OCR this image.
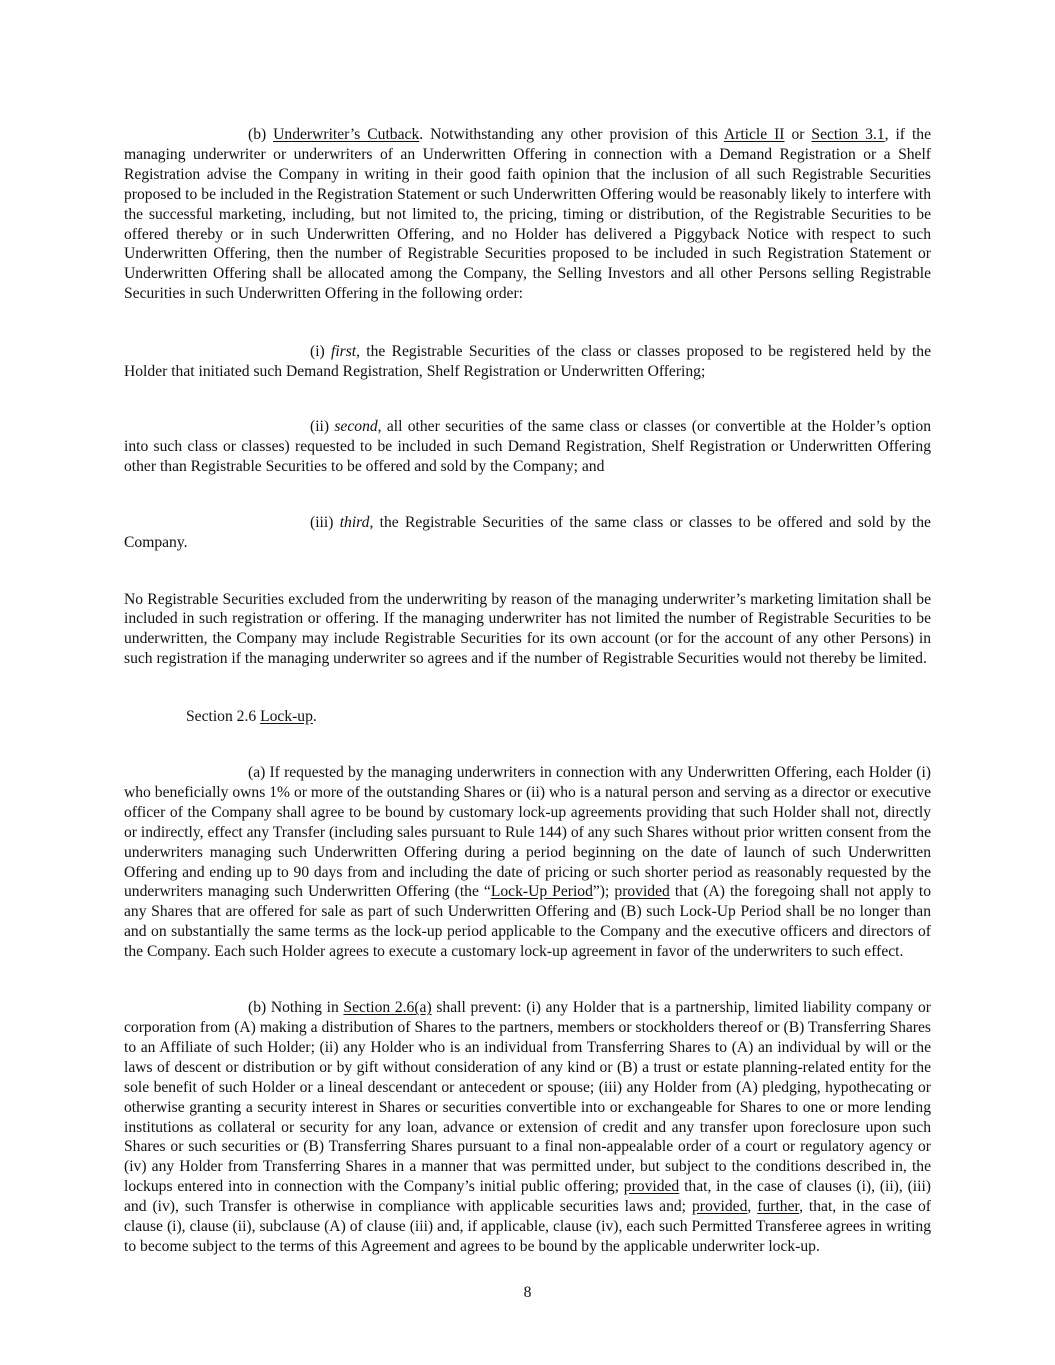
(b) Underwriter’s Cutback. Notwithstanding any other provision of this Article II or Section 3.1, if the managing underwriter or underwriters of an Underwritten Offering in connection with a Demand Registration or a Shelf Registration advise the Company in writing in their good faith opinion that the inclusion of all such Registrable Securities proposed to be included in the Registration Statement or such Underwritten Offering would be reasonably likely to interfere with the successful marketing, including, but not limited to, the pricing, timing or distribution, of the Registrable Securities to be offered thereby or in such Underwritten Offering, and no Holder has delivered a Piggyback Notice with respect to such Underwritten Offering, then the number of Registrable Securities proposed to be included in such Registration Statement or Underwritten Offering shall be allocated among the Company, the Selling Investors and all other Persons selling Registrable Securities in such Underwritten Offering in the following order:

(i) first, the Registrable Securities of the class or classes proposed to be registered held by the Holder that initiated such Demand Registration, Shelf Registration or Underwritten Offering;

(ii) second, all other securities of the same class or classes (or convertible at the Holder’s option into such class or classes) requested to be included in such Demand Registration, Shelf Registration or Underwritten Offering other than Registrable Securities to be offered and sold by the Company; and

(iii) third, the Registrable Securities of the same class or classes to be offered and sold by the Company.

No Registrable Securities excluded from the underwriting by reason of the managing underwriter’s marketing limitation shall be included in such registration or offering. If the managing underwriter has not limited the number of Registrable Securities to be underwritten, the Company may include Registrable Securities for its own account (or for the account of any other Persons) in such registration if the managing underwriter so agrees and if the number of Registrable Securities would not thereby be limited.

Section 2.6 Lock-up.

(a) If requested by the managing underwriters in connection with any Underwritten Offering, each Holder (i) who beneficially owns 1% or more of the outstanding Shares or (ii) who is a natural person and serving as a director or executive officer of the Company shall agree to be bound by customary lock-up agreements providing that such Holder shall not, directly or indirectly, effect any Transfer (including sales pursuant to Rule 144) of any such Shares without prior written consent from the underwriters managing such Underwritten Offering during a period beginning on the date of launch of such Underwritten Offering and ending up to 90 days from and including the date of pricing or such shorter period as reasonably requested by the underwriters managing such Underwritten Offering (the “Lock-Up Period”); provided that (A) the foregoing shall not apply to any Shares that are offered for sale as part of such Underwritten Offering and (B) such Lock-Up Period shall be no longer than and on substantially the same terms as the lock-up period applicable to the Company and the executive officers and directors of the Company. Each such Holder agrees to execute a customary lock-up agreement in favor of the underwriters to such effect.

(b) Nothing in Section 2.6(a) shall prevent: (i) any Holder that is a partnership, limited liability company or corporation from (A) making a distribution of Shares to the partners, members or stockholders thereof or (B) Transferring Shares to an Affiliate of such Holder; (ii) any Holder who is an individual from Transferring Shares to (A) an individual by will or the laws of descent or distribution or by gift without consideration of any kind or (B) a trust or estate planning-related entity for the sole benefit of such Holder or a lineal descendant or antecedent or spouse; (iii) any Holder from (A) pledging, hypothecating or otherwise granting a security interest in Shares or securities convertible into or exchangeable for Shares to one or more lending institutions as collateral or security for any loan, advance or extension of credit and any transfer upon foreclosure upon such Shares or such securities or (B) Transferring Shares pursuant to a final non-appealable order of a court or regulatory agency or (iv) any Holder from Transferring Shares in a manner that was permitted under, but subject to the conditions described in, the lockups entered into in connection with the Company’s initial public offering; provided that, in the case of clauses (i), (ii), (iii) and (iv), such Transfer is otherwise in compliance with applicable securities laws and; provided, further, that, in the case of clause (i), clause (ii), subclause (A) of clause (iii) and, if applicable, clause (iv), each such Permitted Transferee agrees in writing to become subject to the terms of this Agreement and agrees to be bound by the applicable underwriter lock-up.

8
